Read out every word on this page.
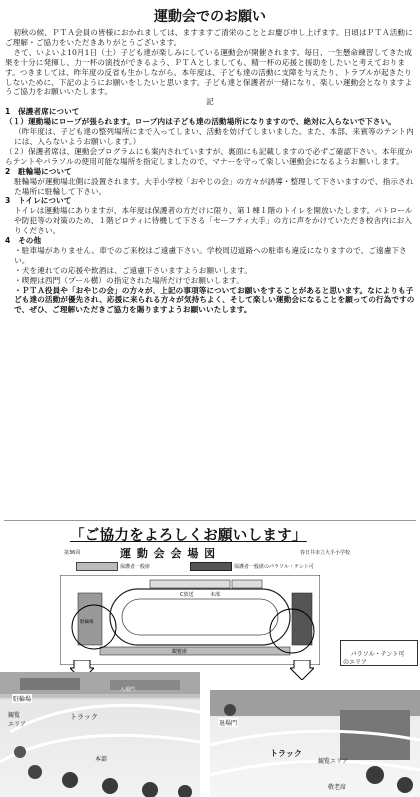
運動会でのお願い

初秋の候、ＰＴＡ会員の皆様におかれましては、ますますご清栄のこととお慶び申し上げます。日頃はＰＴＡ活動にご理解・ご協力をいただきありがとうございます。

さて、いよいよ10月1日（土）子ども達が楽しみにしている運動会が開催されます。毎日、一生懸命練習してきた成果を十分に発揮し、力一杯の演技ができるよう、ＰＴＡとしましても、精一杯の応援と援助をしたいと考えております。つきましては、昨年度の反省も生かしながら、本年度は、子ども達の活動に支障を与えたり、トラブルが起きたりしないために、下記のようにお願いをしたいと思います。子ども達と保護者が一緒になり、楽しい運動会となりますようご協力をお願いいたします。

記

1　保護者席について

（１）運動場にロープが張られます。ロープ内は子ども達の活動場所になりますので、絶対に入らないで下さい。

（昨年度は、子ども達の整列場所にまで入ってしまい、活動を妨げてしまいました。また、本部、来賓等のテント内には、入らないようお願いします。）

（２）保護者席は、運動会プログラムにも案内されていますが、裏面にも記載しますので必ずご確認下さい。本年度からテントやパラソルの使用可能な場所を指定しましたので、マナーを守って楽しい運動会になるようお願いします。

2　駐輪場について

駐輪場が運動場北側に設置されます。大手小学校「おやじの会」の方々が誘導・整理して下さいますので、指示された場所に駐輪して下さい。

3　トイレについて

トイレは運動場にありますが、本年度は保護者の方だけに限り、第１棟１階のトイレを開放いたします。パトロールや防犯等の対策のため、１階ピロティに待機して下さる「セーフティ大手」の方に声をかけていただき校舎内にお入りください。

4　その他

・駐車場がありません。車でのご来校はご遠慮下さい。学校周辺道路への駐車も違反になりますので、ご遠慮下さい。

・犬を連れての応援や飲酒は、ご遠慮下さいますようお願いします。

・喫煙は西門（プール横）の指定された場所だけでお願いします。

・ＰＴＡ役員や「おやじの会」の方々が、上記の事項等についてお願いをすることがあると思います。なによりも子ども達の活動が優先され、応援に来られる方々が気持ちよく、そして楽しい運動会になることを願っての行為ですので、ぜひ、ご理解いただきご協力を賜りますようお願いいたします。

「ご協力をよろしくお願いします」
第36回	運 動 会 会 場 図	春日井市立大手小学校
保護者一般席	保護者一般席のパラソル・テント可
C放送	本部
観覧席
駐輪場

パラソル・テント可
のエリア

駐輪場
観覧
エリア
トラック
入場門
本部
退場門
トラック
観覧エリア
敬老席
